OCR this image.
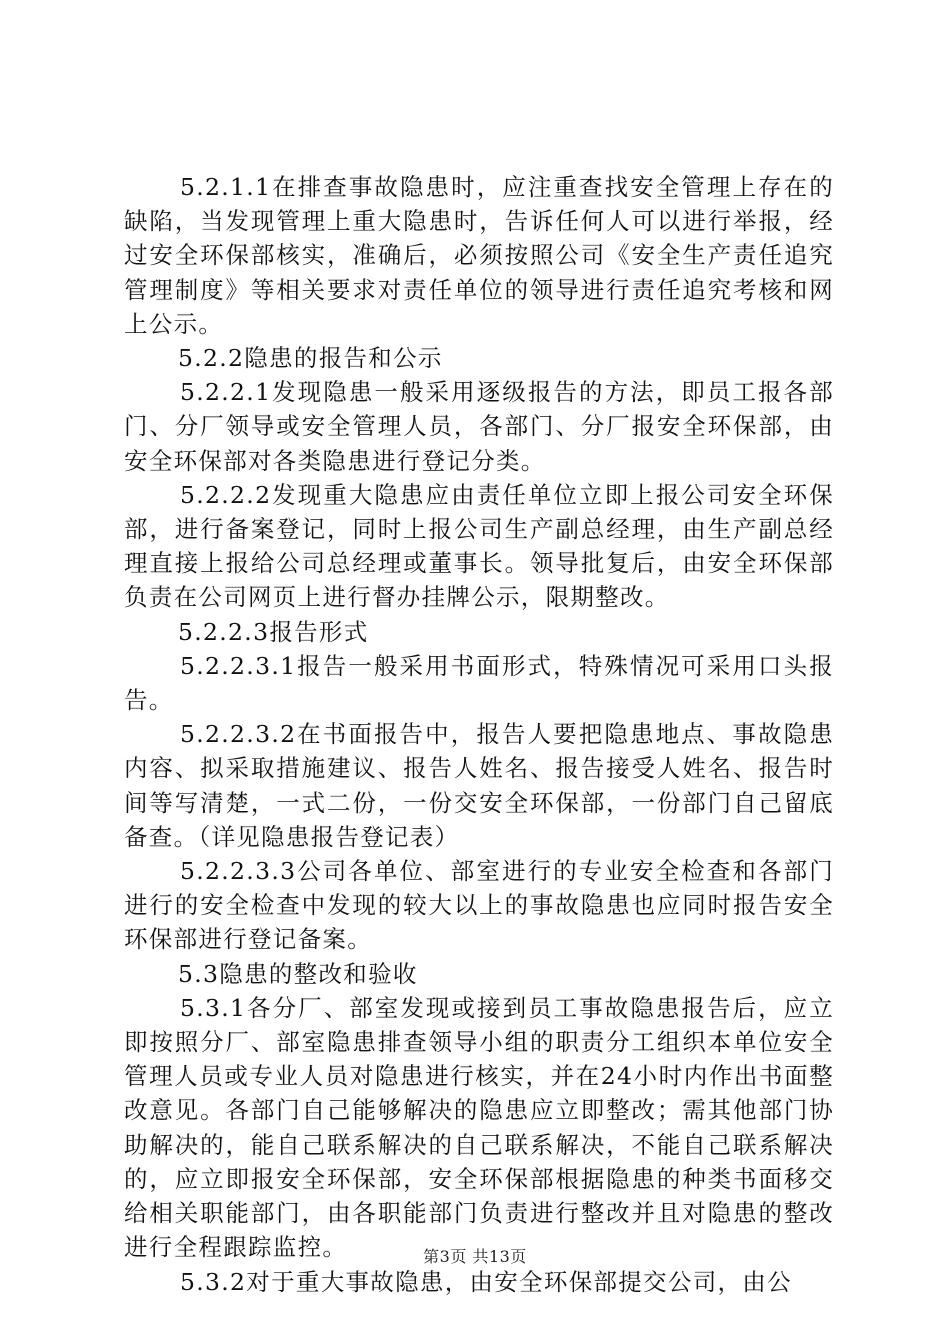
5.2.1.1在排查事故隐患时，应注重查找安全管理上存在的缺陷，当发现管理上重大隐患时，告诉任何人可以进行举报，经过安全环保部核实，准确后，必须按照公司《安全生产责任追究管理制度》等相关要求对责任单位的领导进行责任追究考核和网上公示。

5.2.2隐患的报告和公示

5.2.2.1发现隐患一般采用逐级报告的方法，即员工报各部门、分厂领导或安全管理人员，各部门、分厂报安全环保部，由安全环保部对各类隐患进行登记分类。

5.2.2.2发现重大隐患应由责任单位立即上报公司安全环保部，进行备案登记，同时上报公司生产副总经理，由生产副总经理直接上报给公司总经理或董事长。领导批复后，由安全环保部负责在公司网页上进行督办挂牌公示，限期整改。

5.2.2.3报告形式

5.2.2.3.1报告一般采用书面形式，特殊情况可采用口头报告。

5.2.2.3.2在书面报告中，报告人要把隐患地点、事故隐患内容、拟采取措施建议、报告人姓名、报告接受人姓名、报告时间等写清楚，一式二份，一份交安全环保部，一份部门自己留底备查。（详见隐患报告登记表）

5.2.2.3.3公司各单位、部室进行的专业安全检查和各部门进行的安全检查中发现的较大以上的事故隐患也应同时报告安全环保部进行登记备案。

5.3隐患的整改和验收

5.3.1各分厂、部室发现或接到员工事故隐患报告后，应立即按照分厂、部室隐患排查领导小组的职责分工组织本单位安全管理人员或专业人员对隐患进行核实，并在24小时内作出书面整改意见。各部门自己能够解决的隐患应立即整改；需其他部门协助解决的，能自己联系解决的自己联系解决，不能自己联系解决的，应立即报安全环保部，安全环保部根据隐患的种类书面移交给相关职能部门，由各职能部门负责进行整改并且对隐患的整改进行全程跟踪监控。

5.3.2对于重大事故隐患，由安全环保部提交公司，由公

第3页 共13页
